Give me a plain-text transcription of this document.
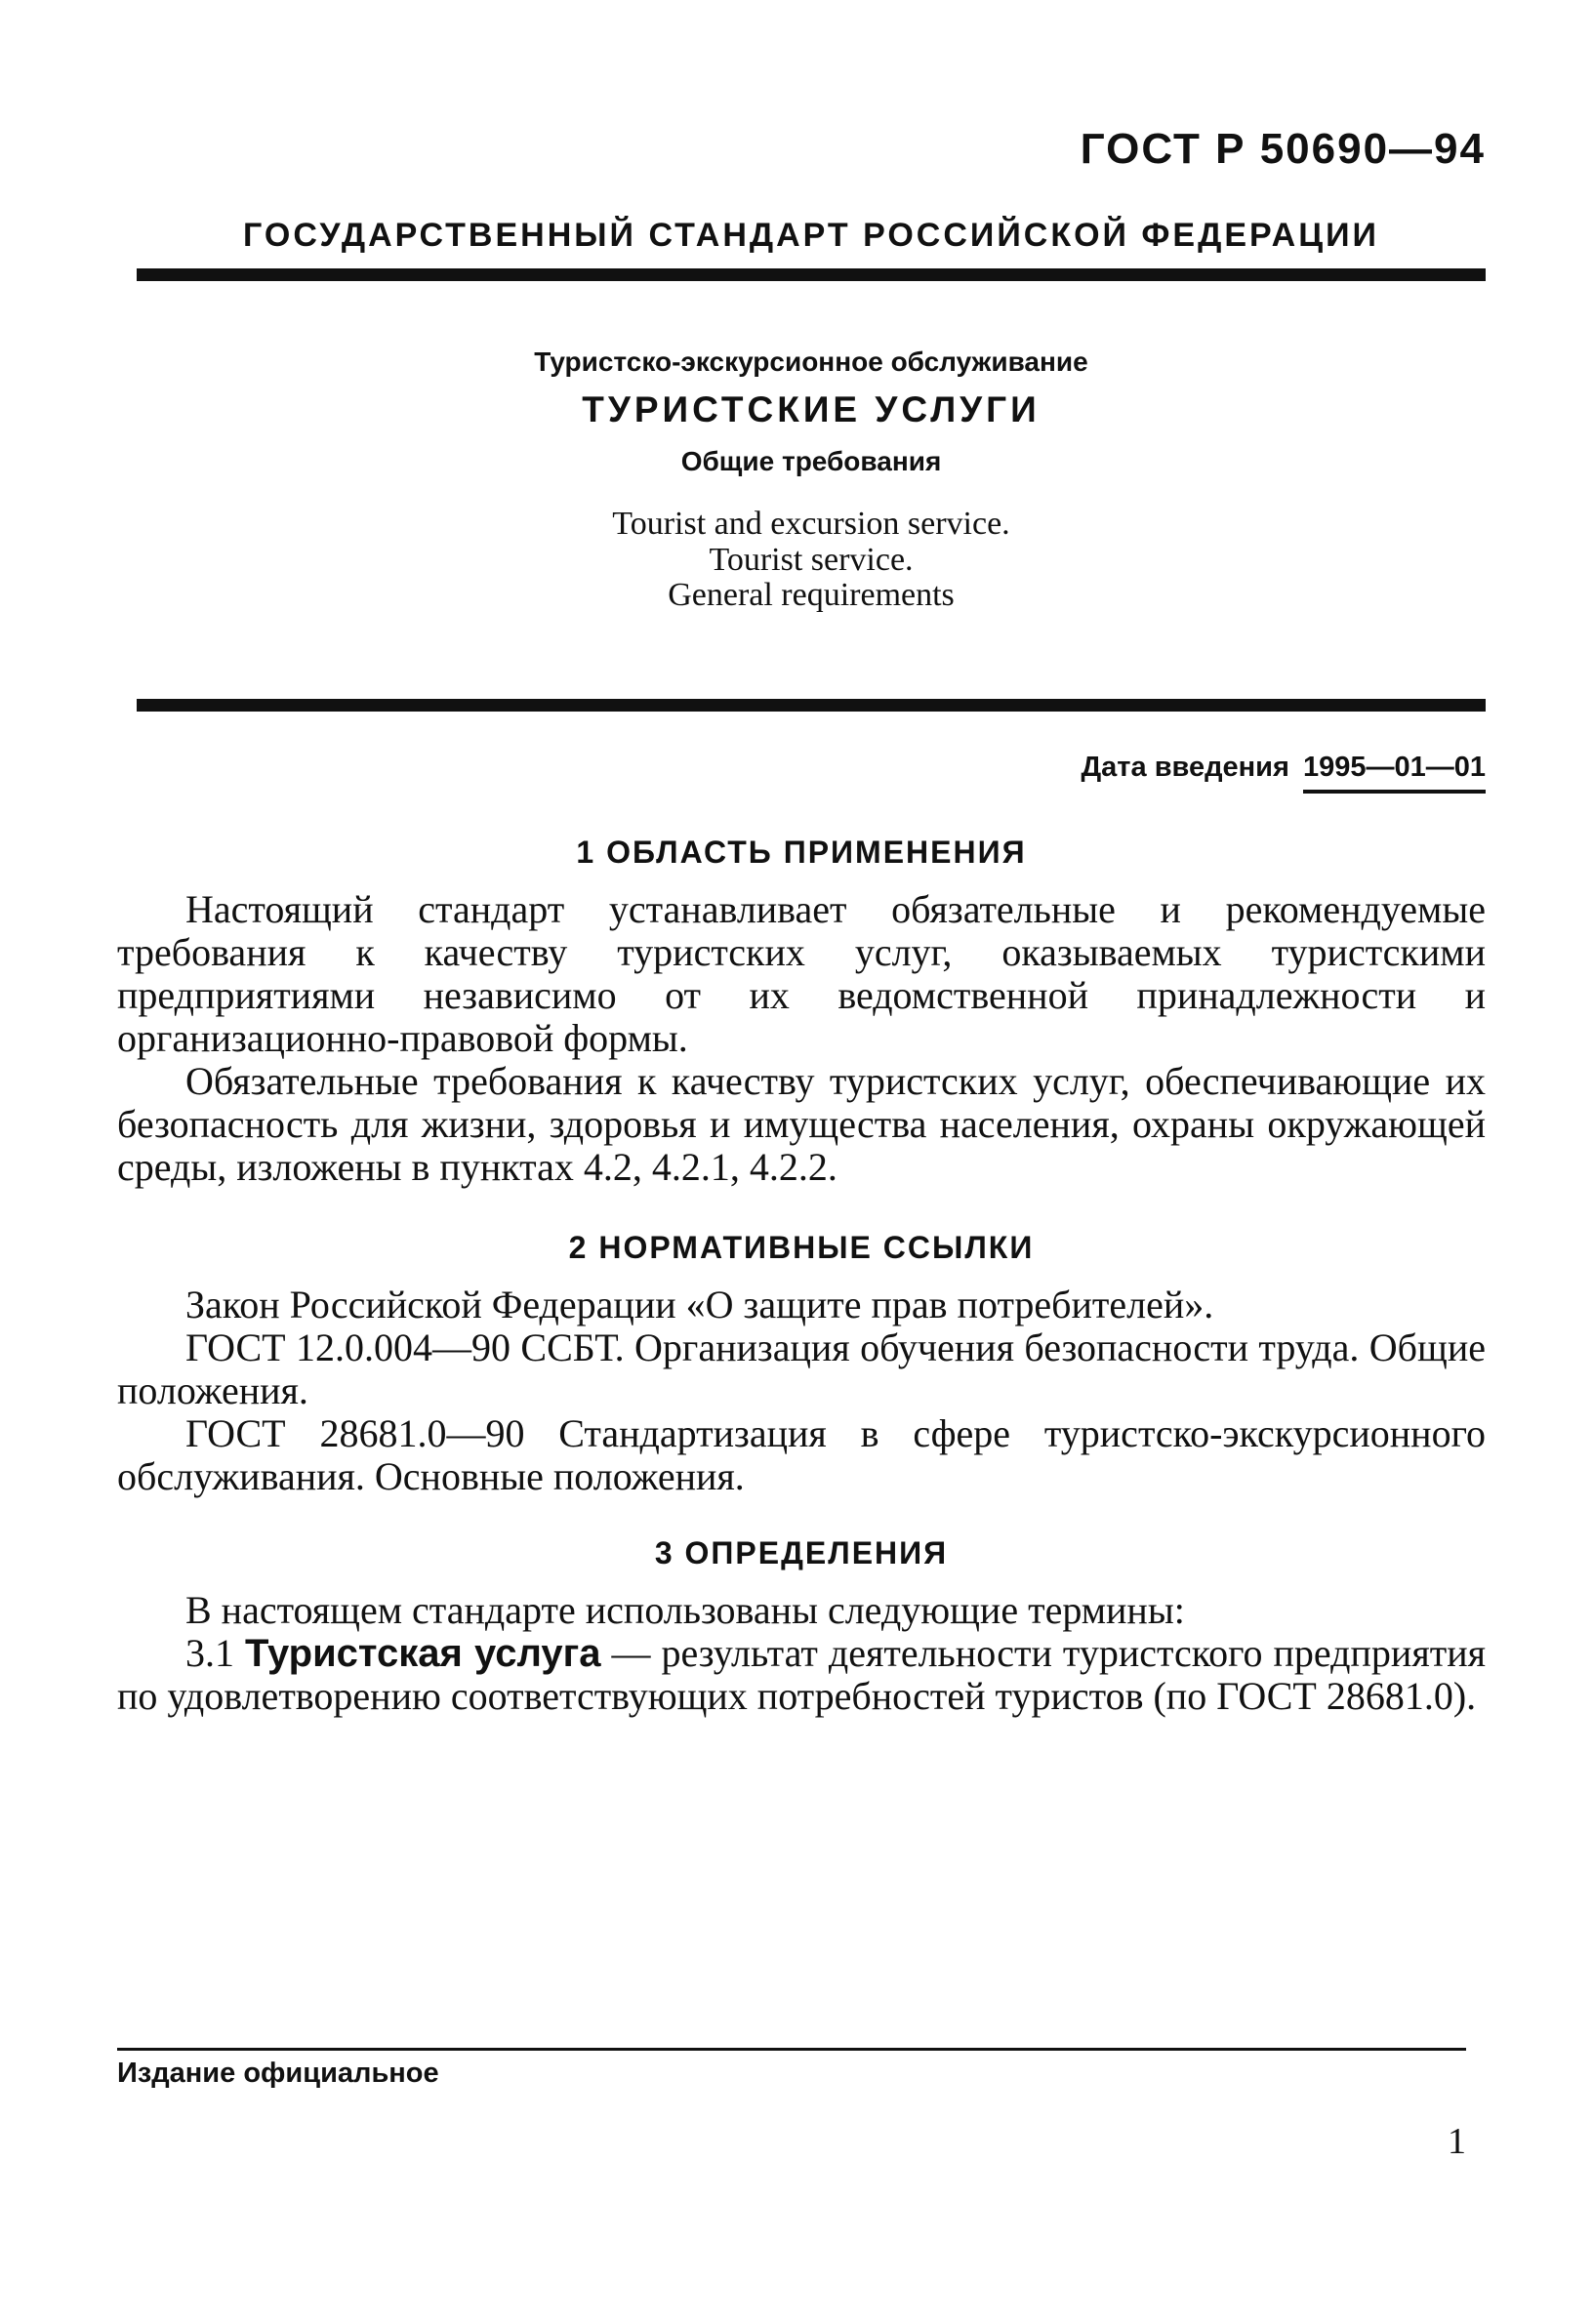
ГОСТ Р 50690—94
ГОСУДАРСТВЕННЫЙ СТАНДАРТ РОССИЙСКОЙ ФЕДЕРАЦИИ
Туристско-экскурсионное обслуживание
ТУРИСТСКИЕ УСЛУГИ
Общие требования

Tourist and excursion service.

Tourist service.

General requirements

Дата введения 1995—01—01
1 ОБЛАСТЬ ПРИМЕНЕНИЯ

Настоящий стандарт устанавливает обязательные и рекомендуемые требования к качеству туристских услуг, оказываемых туристскими предприятиями независимо от их ведомственной принадлежности и организационно-правовой формы.

Обязательные требования к качеству туристских услуг, обеспечивающие их безопасность для жизни, здоровья и имущества населения, охраны окружающей среды, изложены в пунктах 4.2, 4.2.1, 4.2.2.

2 НОРМАТИВНЫЕ ССЫЛКИ

Закон Российской Федерации «О защите прав потребителей».

ГОСТ 12.0.004—90 ССБТ. Организация обучения безопасности труда. Общие положения.

ГОСТ 28681.0—90 Стандартизация в сфере туристско-экскурсионного обслуживания. Основные положения.

3 ОПРЕДЕЛЕНИЯ

В настоящем стандарте использованы следующие термины:

3.1 Туристская услуга — результат деятельности туристского предприятия по удовлетворению соответствующих потребностей туристов (по ГОСТ 28681.0).

Издание официальное
1
